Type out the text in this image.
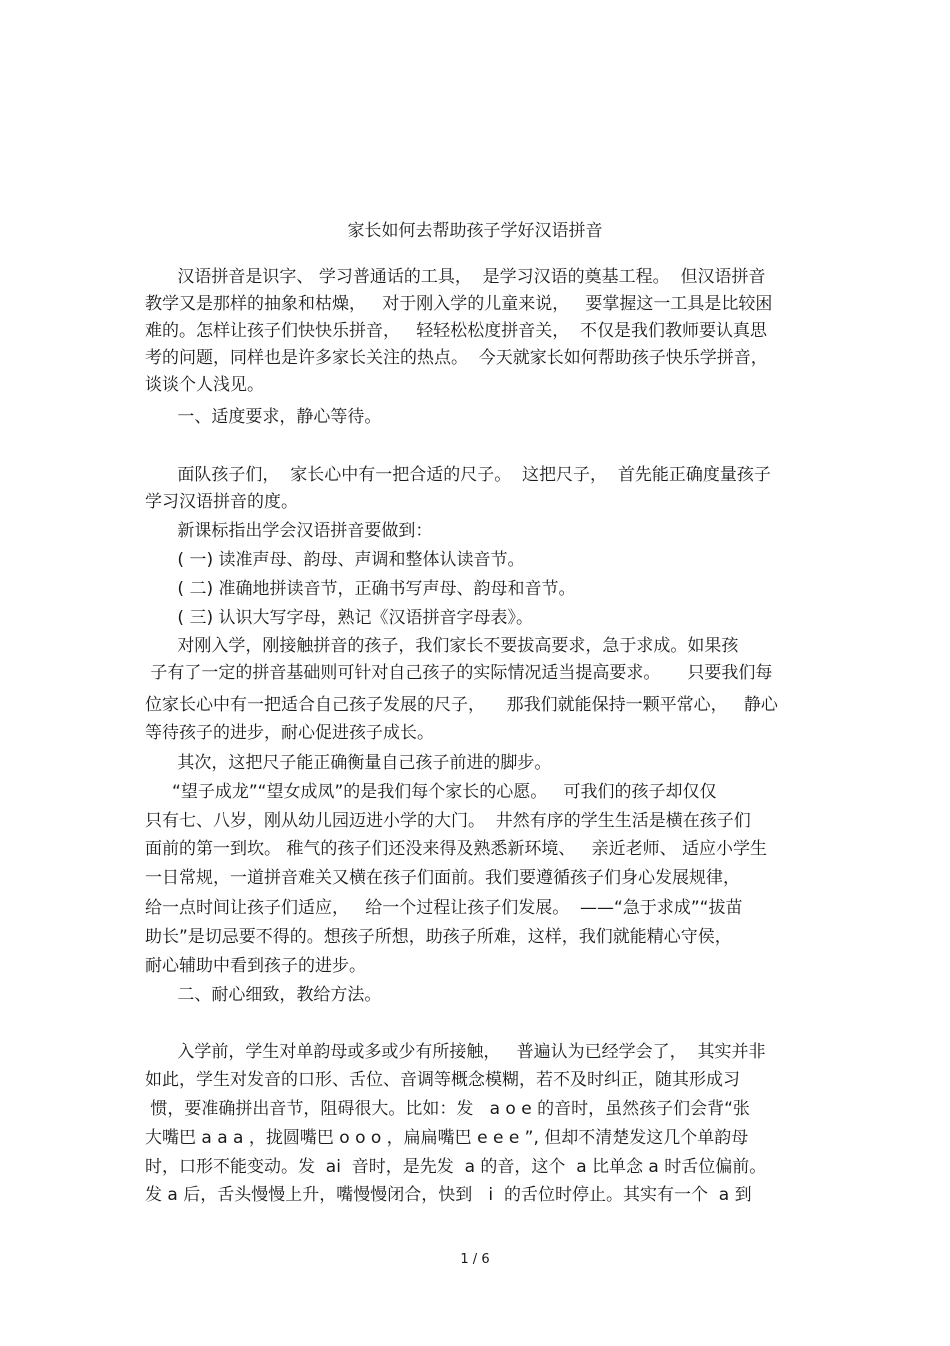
家长如何去帮助孩子学好汉语拼音
汉语拼音是识字、 学习普通话的工具，  是学习汉语的奠基工程。  但汉语拼音
教学又是那样的抽象和枯燥，   对于刚入学的儿童来说，   要掌握这一工具是比较困
难的。怎样让孩子们快快乐拼音，   轻轻松松度拼音关，  不仅是我们教师要认真思
考的问题，同样也是许多家长关注的热点。  今天就家长如何帮助孩子快乐学拼音，
谈谈个人浅见。
一、适度要求，静心等待。
面队孩子们，  家长心中有一把合适的尺子。  这把尺子，  首先能正确度量孩子
学习汉语拼音的度。
新课标指出学会汉语拼音要做到：
( 一) 读准声母、韵母、声调和整体认读音节。
( 二) 准确地拼读音节，正确书写声母、韵母和音节。
( 三) 认识大写字母，熟记《汉语拼音字母表》。
对刚入学，刚接触拼音的孩子，我们家长不要拔高要求，急于求成。如果孩
子有了一定的拼音基础则可针对自己孩子的实际情况适当提高要求。     只要我们每
位家长心中有一把适合自己孩子发展的尺子，    那我们就能保持一颗平常心，   静心
等待孩子的进步，耐心促进孩子成长。
其次，这把尺子能正确衡量自己孩子前进的脚步。
“望子成龙”“望女成凤”的是我们每个家长的心愿。   可我们的孩子却仅仅
只有七、八岁，刚从幼儿园迈进小学的大门。  井然有序的学生生活是横在孩子们
面前的第一到坎。 稚气的孩子们还没来得及熟悉新环境、   亲近老师、 适应小学生
一日常规，一道拼音难关又横在孩子们面前。我们要遵循孩子们身心发展规律，
给一点时间让孩子们适应，   给一个过程让孩子们发展。  ——“急于求成”“拔苗
助长”是切忌要不得的。想孩子所想，助孩子所难，这样，我们就能精心守侯，
耐心辅助中看到孩子的进步。
二、耐心细致，教给方法。
入学前，学生对单韵母或多或少有所接触，   普遍认为已经学会了，  其实并非
如此，学生对发音的口形、舌位、音调等概念模糊，若不及时纠正，随其形成习
惯，要准确拼出音节，阻碍很大。比如：发   a o e 的音时，虽然孩子们会背“张
大嘴巴 a a a ，拢圆嘴巴 o o o ，扁扁嘴巴 e e e ”, 但却不清楚发这几个单韵母
时，口形不能变动。发  ai  音时，是先发  a 的音，这个  a 比单念 a 时舌位偏前。
发 a 后，舌头慢慢上升，嘴慢慢闭合，快到   i  的舌位时停止。其实有一个  a 到
1 / 6
